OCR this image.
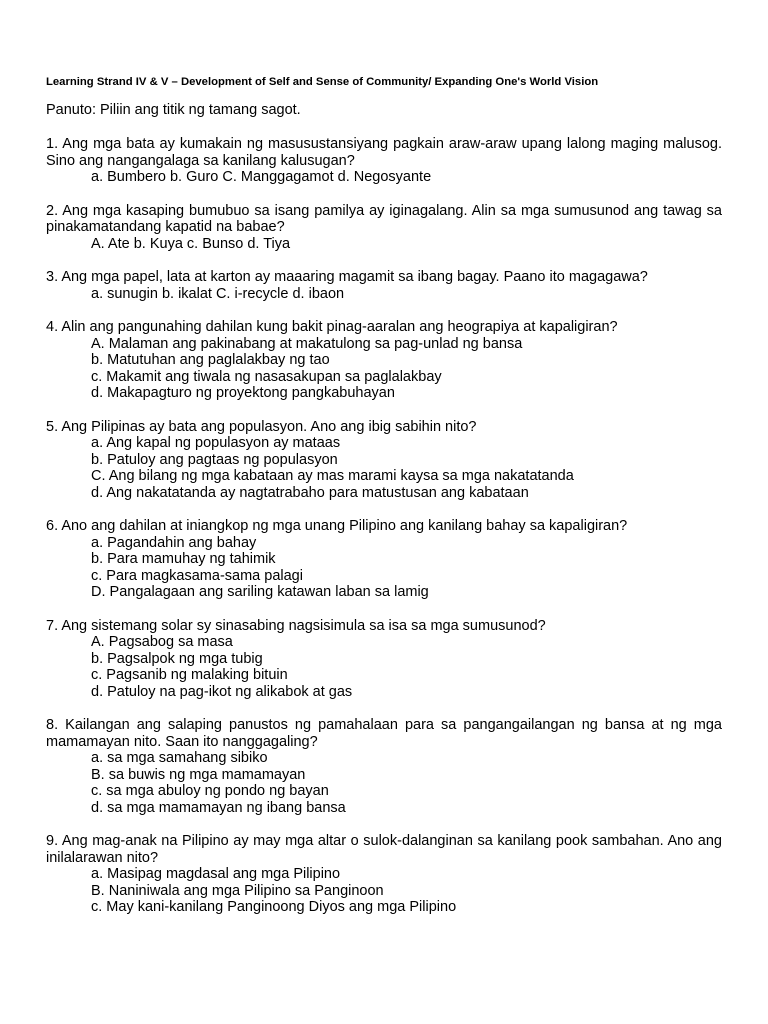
Learning Strand IV & V – Development of Self and Sense of Community/ Expanding One's World Vision
Panuto: Piliin ang titik ng tamang sagot.

1. Ang mga bata ay kumakain ng masusustansiyang pagkain araw-araw upang lalong maging malusog. Sino ang nangangalaga sa kanilang kalusugan?

a. Bumbero b. Guro C. Manggagamot d. Negosyante

2. Ang mga kasaping bumubuo sa isang pamilya ay iginagalang. Alin sa mga sumusunod ang tawag sa pinakamatandang kapatid na babae?

A. Ate b. Kuya c. Bunso d. Tiya

3. Ang mga papel, lata at karton ay maaaring magamit sa ibang bagay. Paano ito magagawa?

a. sunugin b. ikalat C. i-recycle d. ibaon

4. Alin ang pangunahing dahilan kung bakit pinag-aaralan ang heograpiya at kapaligiran?

A. Malaman ang pakinabang at makatulong sa pag-unlad ng bansa
b. Matutuhan ang paglalakbay ng tao
c. Makamit ang tiwala ng nasasakupan sa paglalakbay
d. Makapagturo ng proyektong pangkabuhayan

5. Ang Pilipinas ay bata ang populasyon. Ano ang ibig sabihin nito?

a. Ang kapal ng populasyon ay mataas
b. Patuloy ang pagtaas ng populasyon
C. Ang bilang ng mga kabataan ay mas marami kaysa sa mga nakatatanda
d. Ang nakatatanda ay nagtatrabaho para matustusan ang kabataan

6. Ano ang dahilan at iniangkop ng mga unang Pilipino ang kanilang bahay sa kapaligiran?

a. Pagandahin ang bahay
b. Para mamuhay ng tahimik
c. Para magkasama-sama palagi
D. Pangalagaan ang sariling katawan laban sa lamig

7. Ang sistemang solar sy sinasabing nagsisimula sa isa sa mga sumusunod?

A. Pagsabog sa masa
b. Pagsalpok ng mga tubig
c. Pagsanib ng malaking bituin
d. Patuloy na pag-ikot ng alikabok at gas

8. Kailangan ang salaping panustos ng pamahalaan para sa pangangailangan ng bansa at ng mga mamamayan nito. Saan ito nanggagaling?

a. sa mga samahang sibiko
B. sa buwis ng mga mamamayan
c. sa mga abuloy ng pondo ng bayan
d. sa mga mamamayan ng ibang bansa

9. Ang mag-anak na Pilipino ay may mga altar o sulok-dalanginan sa kanilang pook sambahan. Ano ang inilalarawan nito?

a. Masipag magdasal ang mga Pilipino
B. Naniniwala ang mga Pilipino sa Panginoon
c. May kani-kanilang Panginoong Diyos ang mga Pilipino
